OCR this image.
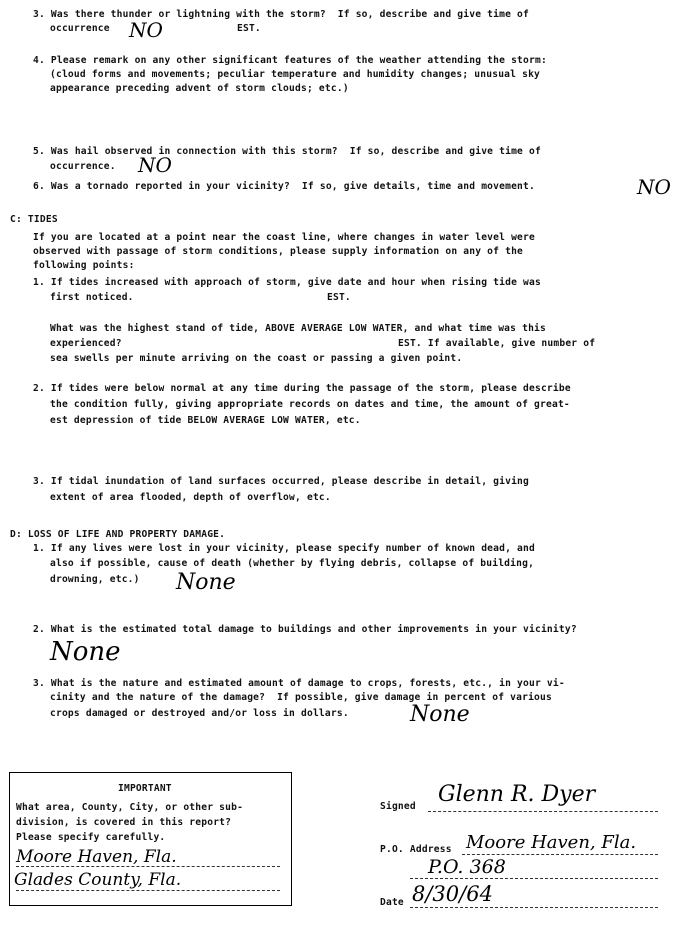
3. Was there thunder or lightning with the storm?  If so, describe and give time of
occurrence NO	EST.
4. Please remark on any other significant features of the weather attending the storm:
(cloud forms and movements; peculiar temperature and humidity changes; unusual sky
appearance preceding advent of storm clouds; etc.)
5. Was hail observed in connection with this storm?  If so, describe and give time of
occurrence. NO
6. Was a tornado reported in your vicinity?  If so, give details, time and movement.	NO
C: TIDES
If you are located at a point near the coast line, where changes in water level were
observed with passage of storm conditions, please supply information on any of the
following points:
1. If tides increased with approach of storm, give date and hour when rising tide was
first noticed.	EST.
What was the highest stand of tide, ABOVE AVERAGE LOW WATER, and what time was this
experienced?	EST. If available, give number of
sea swells per minute arriving on the coast or passing a given point.
2. If tides were below normal at any time during the passage of the storm, please describe
the condition fully, giving appropriate records on dates and time, the amount of great-
est depression of tide BELOW AVERAGE LOW WATER, etc.
3. If tidal inundation of land surfaces occurred, please describe in detail, giving
extent of area flooded, depth of overflow, etc.
D: LOSS OF LIFE AND PROPERTY DAMAGE.
1. If any lives were lost in your vicinity, please specify number of known dead, and
also if possible, cause of death (whether by flying debris, collapse of building,
drowning, etc.) None
2. What is the estimated total damage to buildings and other improvements in your vicinity?
None
3. What is the nature and estimated amount of damage to crops, forests, etc., in your vi-
cinity and the nature of the damage?  If possible, give damage in percent of various
crops damaged or destroyed and/or loss in dollars.	None
IMPORTANT
What area, County, City, or other sub-
division, is covered in this report?
Please specify carefully.
Moore Haven, Fla.
Glades County, Fla.
Signed Glenn R. Dyer
P.O. Address Moore Haven, Fla.
P.O. 368
Date 8/30/64
